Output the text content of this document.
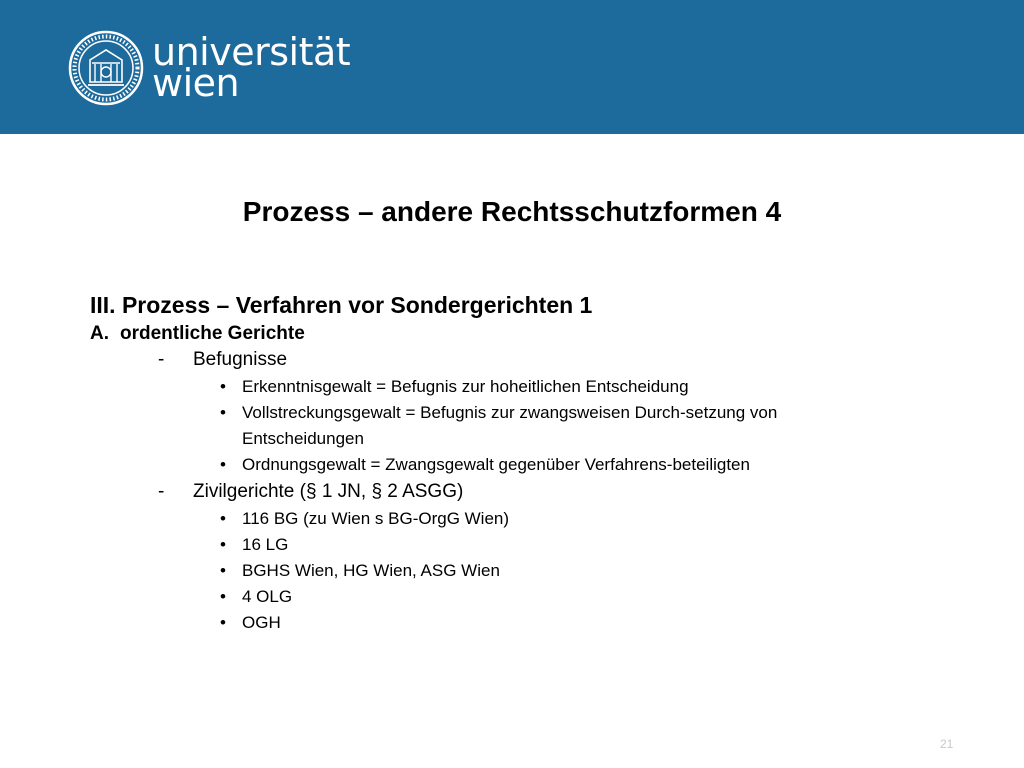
universität
wien
Prozess – andere Rechtsschutzformen 4
III. Prozess – Verfahren vor Sondergerichten 1
A. ordentliche Gerichte
-	Befugnisse
• Erkenntnisgewalt = Befugnis zur hoheitlichen Entscheidung
• Vollstreckungsgewalt = Befugnis zur zwangsweisen Durch-setzung von Entscheidungen
• Ordnungsgewalt = Zwangsgewalt gegenüber Verfahrens-beteiligten
-	Zivilgerichte (§ 1 JN, § 2 ASGG)
• 116 BG (zu Wien s BG-OrgG Wien)
• 16 LG
• BGHS Wien, HG Wien, ASG Wien
• 4 OLG
• OGH
21
